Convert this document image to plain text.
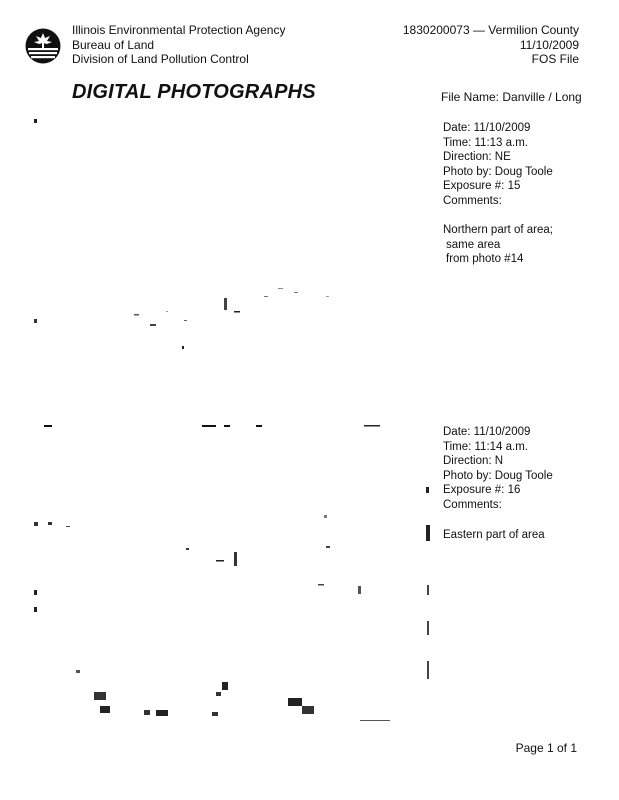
Illinois Environmental Protection Agency
Bureau of Land
Division of Land Pollution Control
1830200073 — Vermilion County
11/10/2009
FOS File
DIGITAL PHOTOGRAPHS	File Name: Danville / Long
Date: 11/10/2009
Time: 11:13 a.m.
Direction: NE
Photo by: Doug Toole
Exposure #: 15
Comments:
Northern part of area;
same area
from photo #14
Date: 11/10/2009
Time: 11:14 a.m.
Direction: N
Photo by: Doug Toole
Exposure #: 16
Comments:
Eastern part of area
Page 1 of 1
